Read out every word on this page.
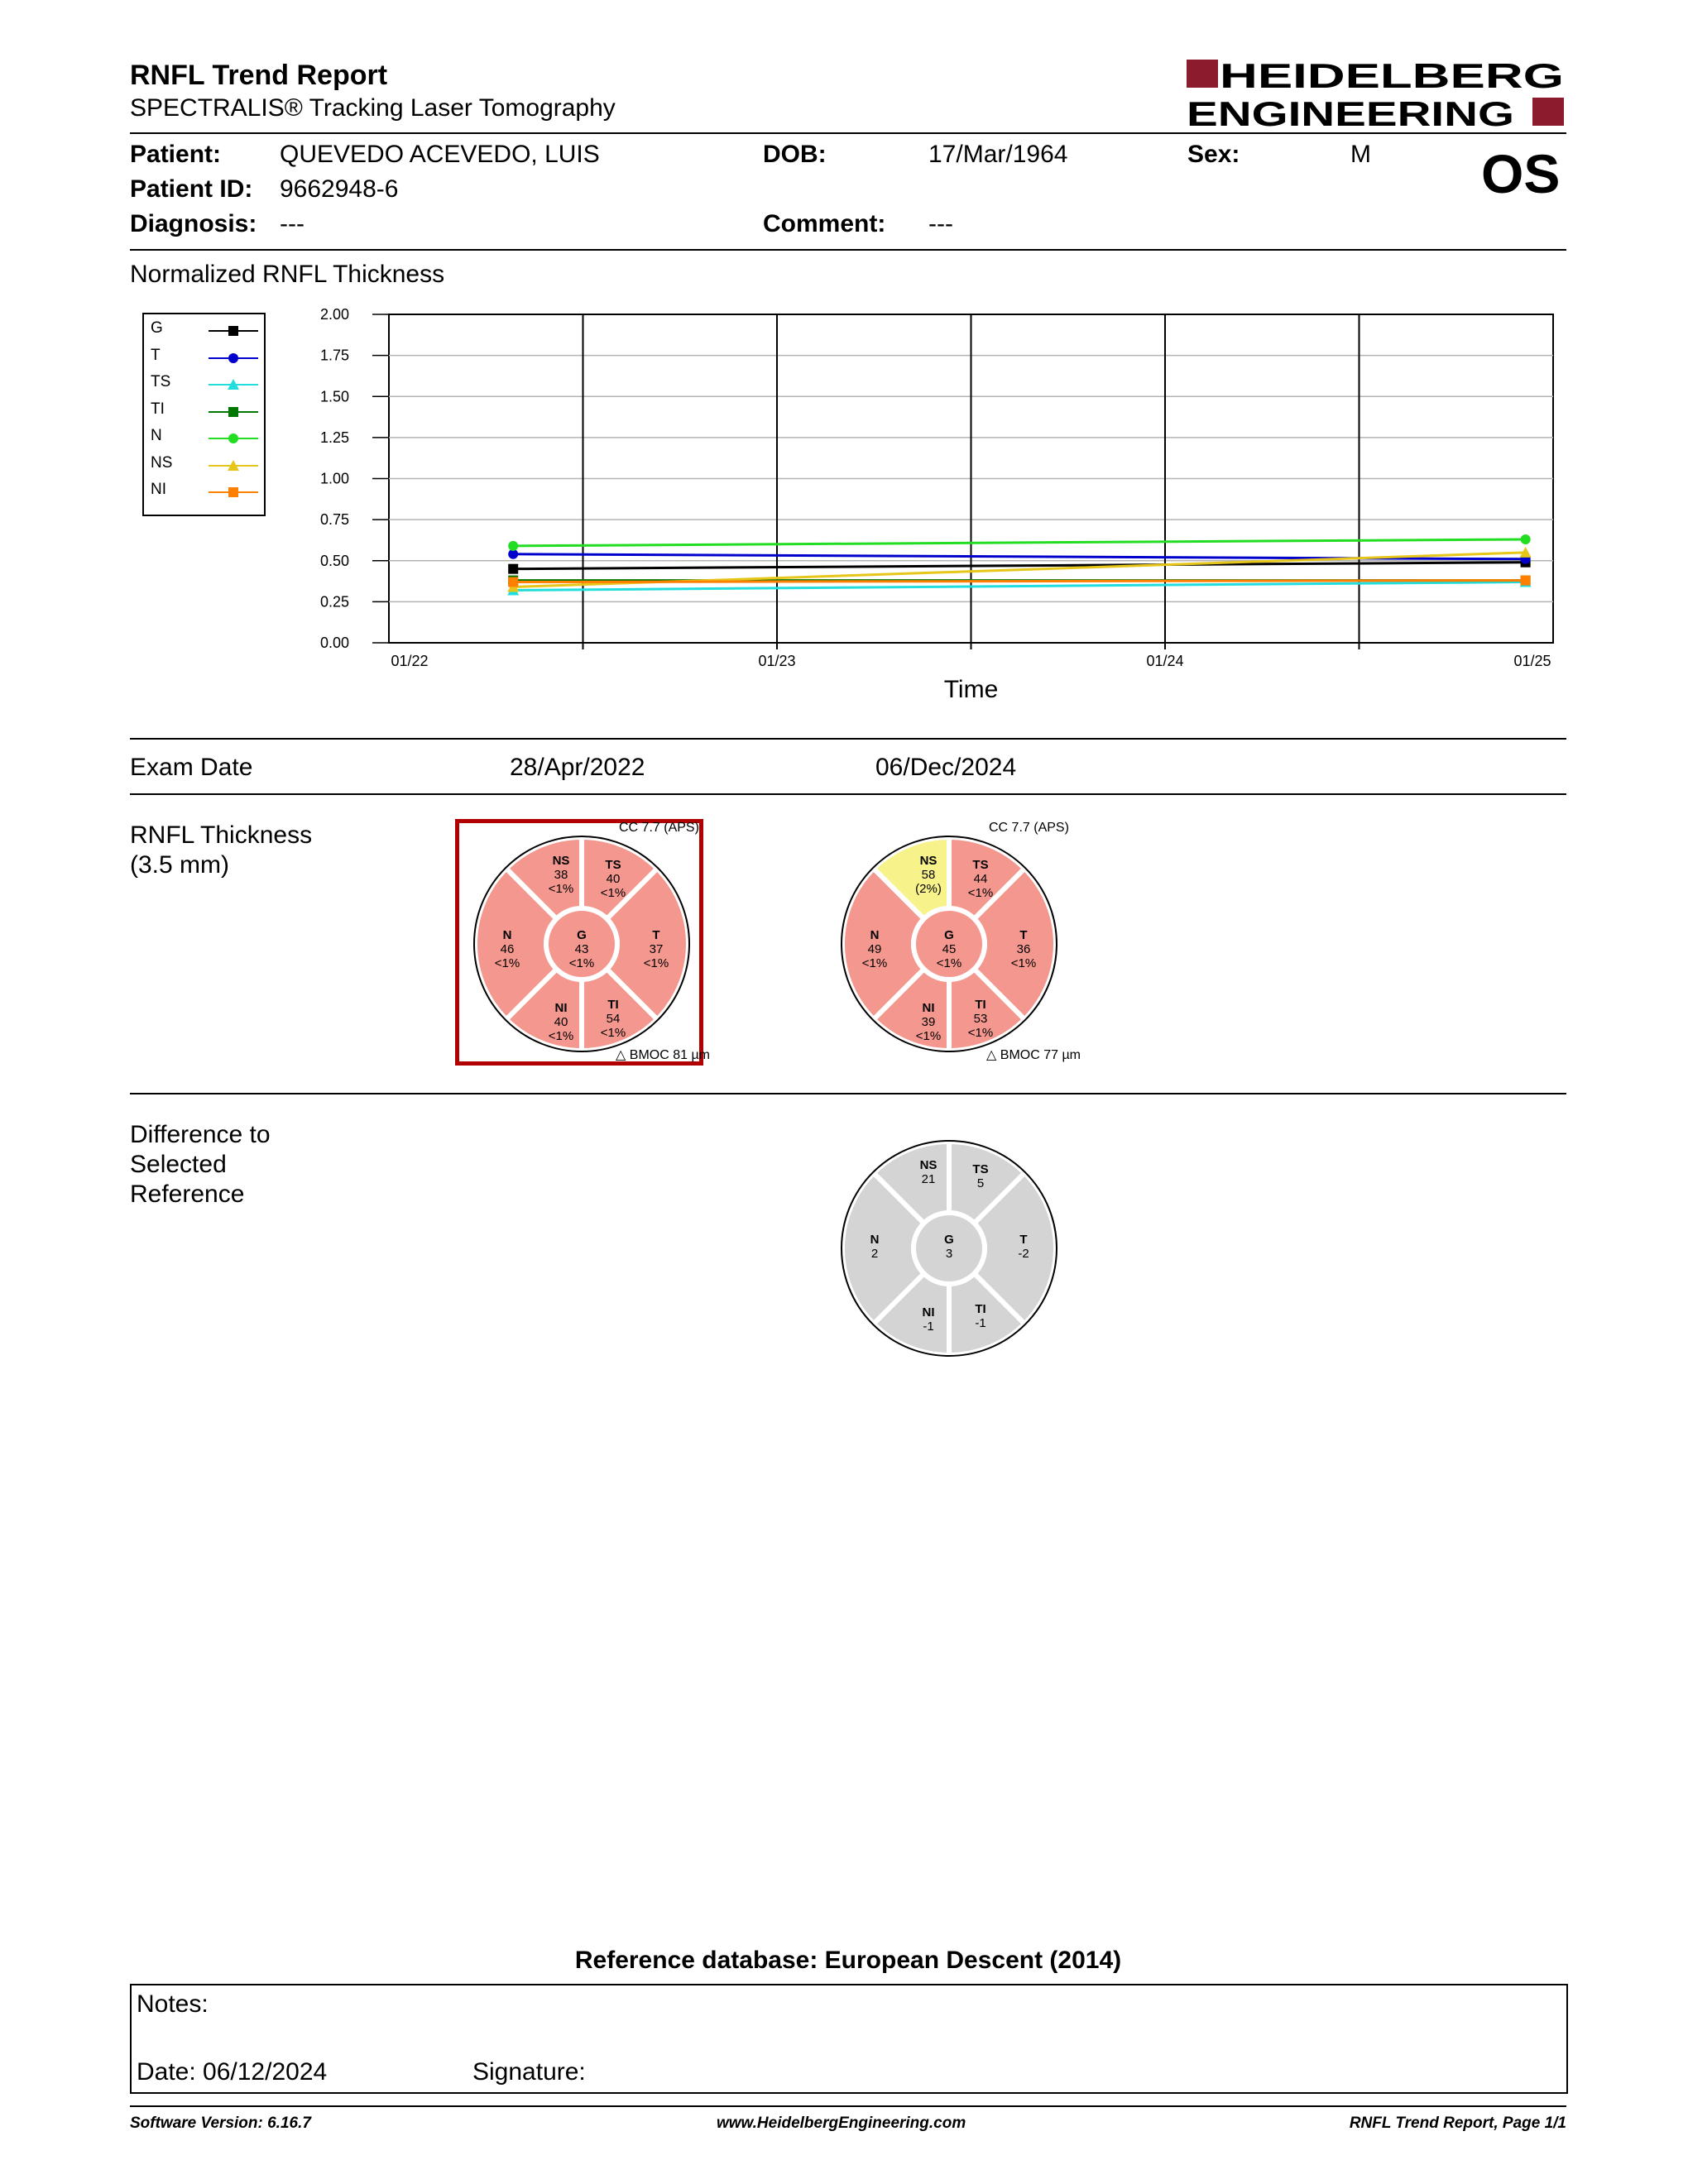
RNFL Trend Report
SPECTRALIS® Tracking Laser Tomography
HEIDELBERG
ENGINEERING
Patient: QUEVEDO ACEVEDO, LUIS
Patient ID: 9662948-6
Diagnosis: ---
DOB:	17/Mar/1964
Comment: ---
Sex:	M OS
Normalized RNFL Thickness
G
T
TS
TI
N
NS
NI
0.00
0.25
0.50
0.75
1.00
1.25
1.50
1.75
2.00
01/22	01/23	01/24	01/25
Time
Exam Date	28/Apr/2022	06/Dec/2024
RNFL Thickness
(3.5 mm)
CC 7.7 (APS)
NS
38
<1%
TS
40
<1%
T
37
<1%
TI
54
<1%
NI
40
<1%
N
46
<1%
G
43
<1%
△ BMOC 81 µm
CC 7.7 (APS)
NS
58
(2%)
TS
44
<1%
T
36
<1%
TI
53
<1%
NI
39
<1%
N
49
<1%
G
45
<1%
△ BMOC 77 µm
Difference to
Selected
Reference
NS
21
TS
5
T
-2
TI
-1
NI
-1
N
2
G
3
Reference database: European Descent (2014)
Notes:
Date: 06/12/2024	Signature:
Software Version: 6.16.7	www.HeidelbergEngineering.com	RNFL Trend Report, Page 1/1
